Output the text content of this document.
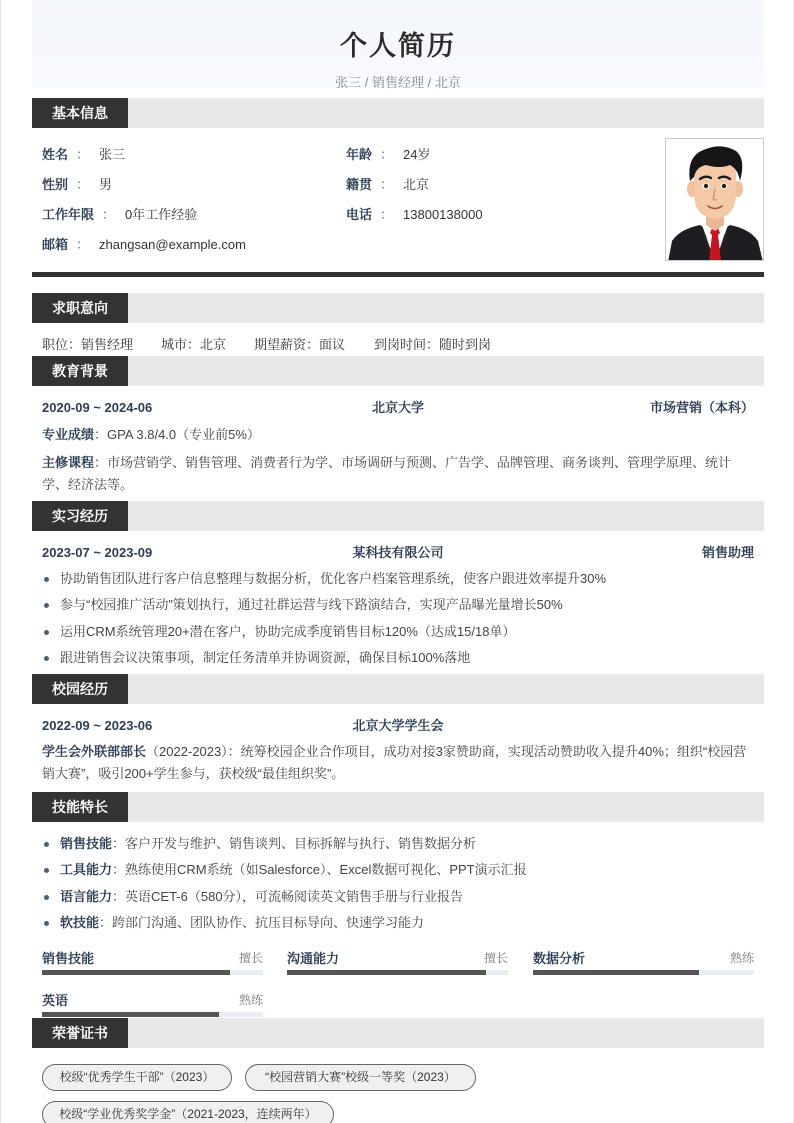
个人简历
张三 / 销售经理 / 北京
基本信息
姓名 ： 张三	年龄 ： 24岁
性别 ： 男	籍贯 ： 北京
工作年限 ： 0年工作经验	电话 ： 13800138000
邮箱 ： zhangsan@example.com
求职意向
职位：销售经理 城市：北京 期望薪资：面议 到岗时间：随时到岗
教育背景
2020-09 ~ 2024-06	北京大学	市场营销（本科）
专业成绩：GPA 3.8/4.0（专业前5%）
主修课程：市场营销学、销售管理、消费者行为学、市场调研与预测、广告学、品牌管理、商务谈判、管理学原理、统计学、经济法等。
实习经历
2023-07 ~ 2023-09	某科技有限公司	销售助理
协助销售团队进行客户信息整理与数据分析，优化客户档案管理系统，使客户跟进效率提升30%
参与“校园推广活动”策划执行，通过社群运营与线下路演结合，实现产品曝光量增长50%
运用CRM系统管理20+潜在客户，协助完成季度销售目标120%（达成15/18单）
跟进销售会议决策事项，制定任务清单并协调资源，确保目标100%落地
校园经历
2022-09 ~ 2023-06	北京大学学生会
学生会外联部部长（2022-2023）：统筹校园企业合作项目，成功对接3家赞助商，实现活动赞助收入提升40%；组织“校园营销大赛”，吸引200+学生参与，获校级“最佳组织奖”。
技能特长
销售技能：客户开发与维护、销售谈判、目标拆解与执行、销售数据分析
工具能力：熟练使用CRM系统（如Salesforce）、Excel数据可视化、PPT演示汇报
语言能力：英语CET-6（580分），可流畅阅读英文销售手册与行业报告
软技能：跨部门沟通、团队协作、抗压目标导向、快速学习能力
销售技能	擅长 沟通能力	擅长 数据分析	熟练
英语	熟练
荣誉证书
校级“优秀学生干部”（2023）	“校园营销大赛”校级一等奖（2023）
校级“学业优秀奖学金”（2021-2023，连续两年）
